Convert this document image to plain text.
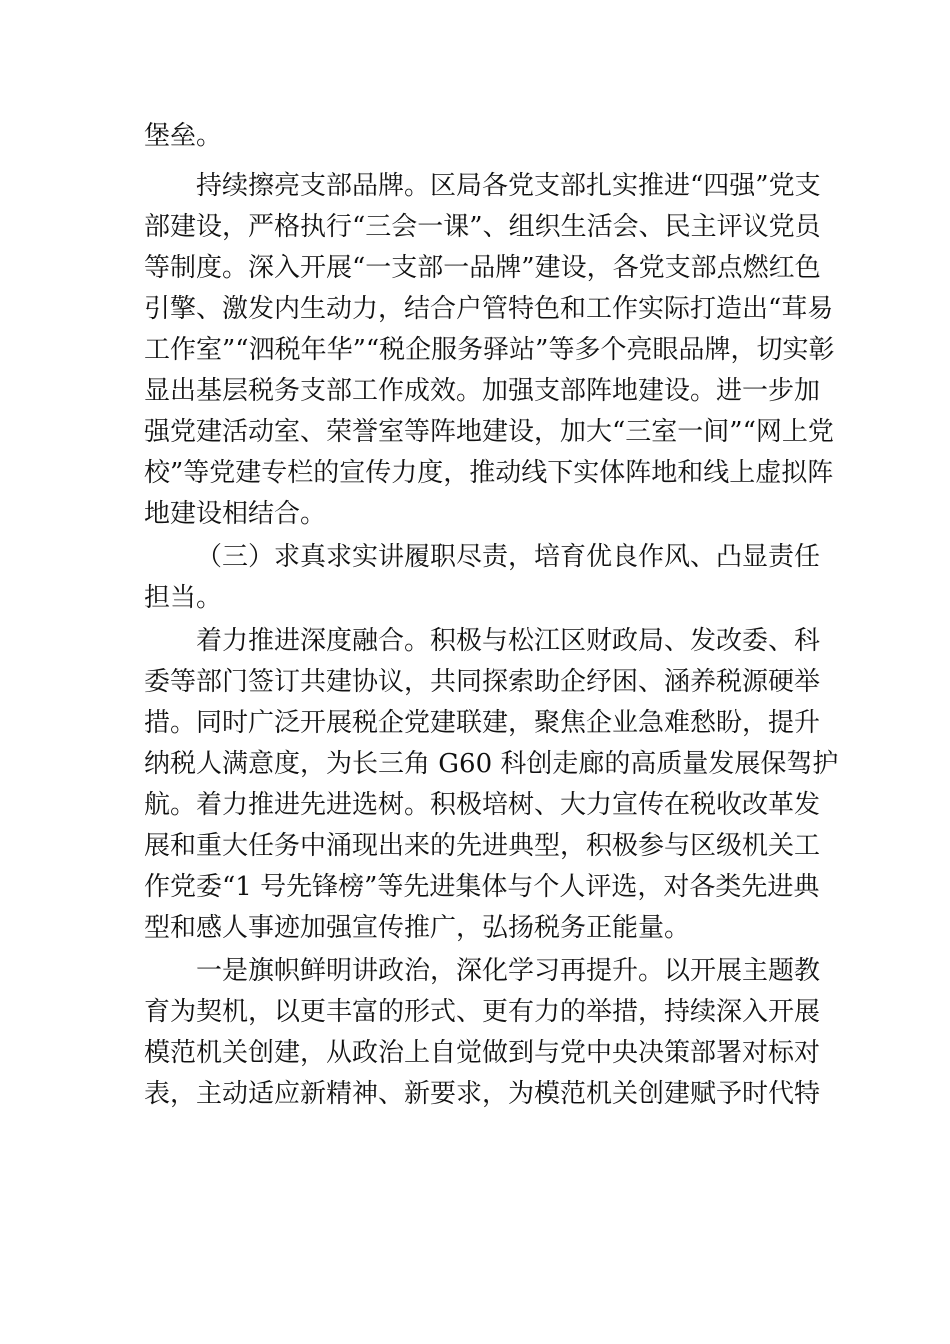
堡垒。
持续擦亮支部品牌。区局各党支部扎实推进“四强”党支
部建设，严格执行“三会一课”、组织生活会、民主评议党员
等制度。深入开展“一支部一品牌”建设，各党支部点燃红色
引擎、激发内生动力，结合户管特色和工作实际打造出“茸易
工作室”“泗税年华”“税企服务驿站”等多个亮眼品牌，切实彰
显出基层税务支部工作成效。加强支部阵地建设。进一步加
强党建活动室、荣誉室等阵地建设，加大“三室一间”“网上党
校”等党建专栏的宣传力度，推动线下实体阵地和线上虚拟阵
地建设相结合。
（三）求真求实讲履职尽责，培育优良作风、凸显责任
担当。
着力推进深度融合。积极与松江区财政局、发改委、科
委等部门签订共建协议，共同探索助企纾困、涵养税源硬举
措。同时广泛开展税企党建联建，聚焦企业急难愁盼，提升
纳税人满意度，为长三角 G60 科创走廊的高质量发展保驾护
航。着力推进先进选树。积极培树、大力宣传在税收改革发
展和重大任务中涌现出来的先进典型，积极参与区级机关工
作党委“1 号先锋榜”等先进集体与个人评选，对各类先进典
型和感人事迹加强宣传推广，弘扬税务正能量。
一是旗帜鲜明讲政治，深化学习再提升。以开展主题教
育为契机，以更丰富的形式、更有力的举措，持续深入开展
模范机关创建，从政治上自觉做到与党中央决策部署对标对
表，主动适应新精神、新要求，为模范机关创建赋予时代特
